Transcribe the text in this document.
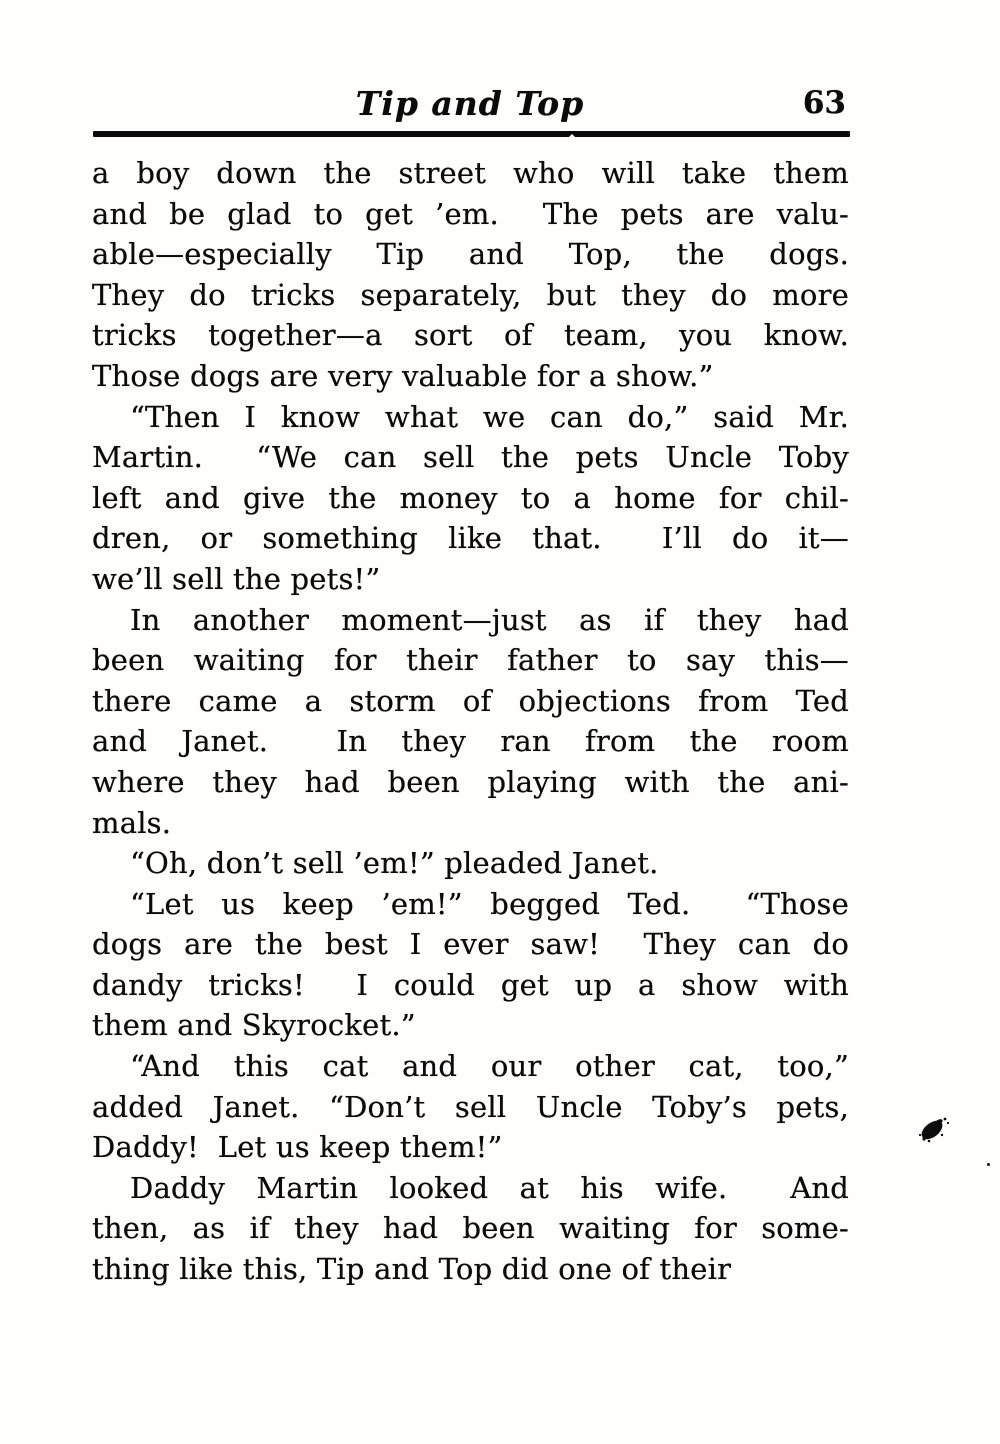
Tip and Top	63
a boy down the street who will take them
and be glad to get ’em.  The pets are valu-
able—especially Tip and Top, the dogs.
They do tricks separately, but they do more
tricks together—a sort of team, you know.
Those dogs are very valuable for a show.”
“Then I know what we can do,” said Mr.
Martin.  “We can sell the pets Uncle Toby
left and give the money to a home for chil-
dren, or something like that.  I’ll do it—
we’ll sell the pets!”
In another moment—just as if they had
been waiting for their father to say this—
there came a storm of objections from Ted
and Janet.  In they ran from the room
where they had been playing with the ani-
mals.
“Oh, don’t sell ’em!” pleaded Janet.
“Let us keep ’em!” begged Ted.  “Those
dogs are the best I ever saw!  They can do
dandy tricks!  I could get up a show with
them and Skyrocket.”
“And this cat and our other cat, too,”
added Janet. “Don’t sell Uncle Toby’s pets,
Daddy!  Let us keep them!”
Daddy Martin looked at his wife.  And
then, as if they had been waiting for some-
thing like this, Tip and Top did one of their
